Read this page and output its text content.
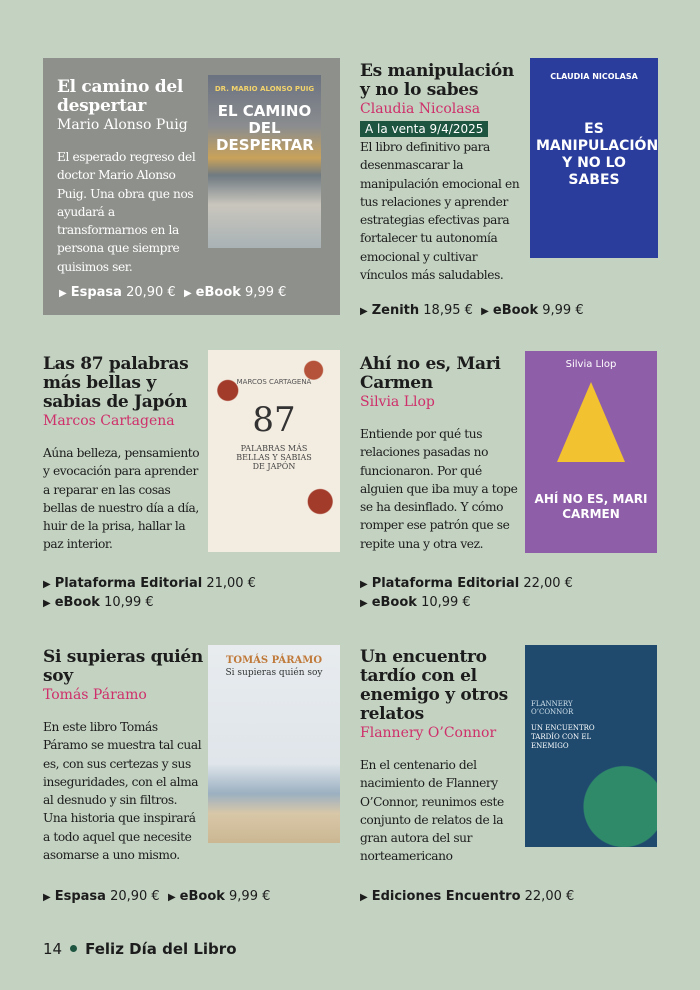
El camino del despertar
Mario Alonso Puig
El esperado regreso del doctor Mario Alonso Puig. Una obra que nos ayudará a transformarnos en la persona que siempre quisimos ser.
DR. MARIO ALONSO PUIG
EL CAMINO DEL DESPERTAR
▶ Espasa 20,90 € ▶ eBook 9,99 €
Es manipulación y no lo sabes
Claudia Nicolasa
A la venta 9/4/2025
El libro definitivo para desenmascarar la manipulación emocional en tus relaciones y aprender estrategias efectivas para fortalecer tu autonomía emocional y cultivar vínculos más saludables.
CLAUDIA NICOLASA
ES MANIPULACIÓN Y NO LO SABES
▶ Zenith 18,95 € ▶ eBook 9,99 €
Las 87 palabras más bellas y sabias de Japón
Marcos Cartagena
Aúna belleza, pensamiento y evocación para aprender a reparar en las cosas bellas de nuestro día a día, huir de la prisa, hallar la paz interior.
MARCOS CARTAGENA
87
PALABRAS MÁS BELLAS Y SABIAS DE JAPÓN
▶ Plataforma Editorial 21,00 €
▶ eBook 10,99 €
Ahí no es, Mari Carmen
Silvia Llop
Entiende por qué tus relaciones pasadas no funcionaron. Por qué alguien que iba muy a tope se ha desinflado. Y cómo romper ese patrón que se repite una y otra vez.
Silvia Llop
AHÍ NO ES, MARI CARMEN
▶ Plataforma Editorial 22,00 €
▶ eBook 10,99 €
Si supieras quién soy
Tomás Páramo
En este libro Tomás Páramo se muestra tal cual es, con sus certezas y sus inseguridades, con el alma al desnudo y sin filtros. Una historia que inspirará a todo aquel que necesite asomarse a uno mismo.
TOMÁS PÁRAMO
Si supieras quién soy
▶ Espasa 20,90 € ▶ eBook 9,99 €
Un encuentro tardío con el enemigo y otros relatos
Flannery O’Connor
En el centenario del nacimiento de Flannery O’Connor, reunimos este conjunto de relatos de la gran autora del sur norteamericano
FLANNERY O’CONNOR
UN ENCUENTRO TARDÍO CON EL ENEMIGO
▶ Ediciones Encuentro 22,00 €
14 Feliz Día del Libro
